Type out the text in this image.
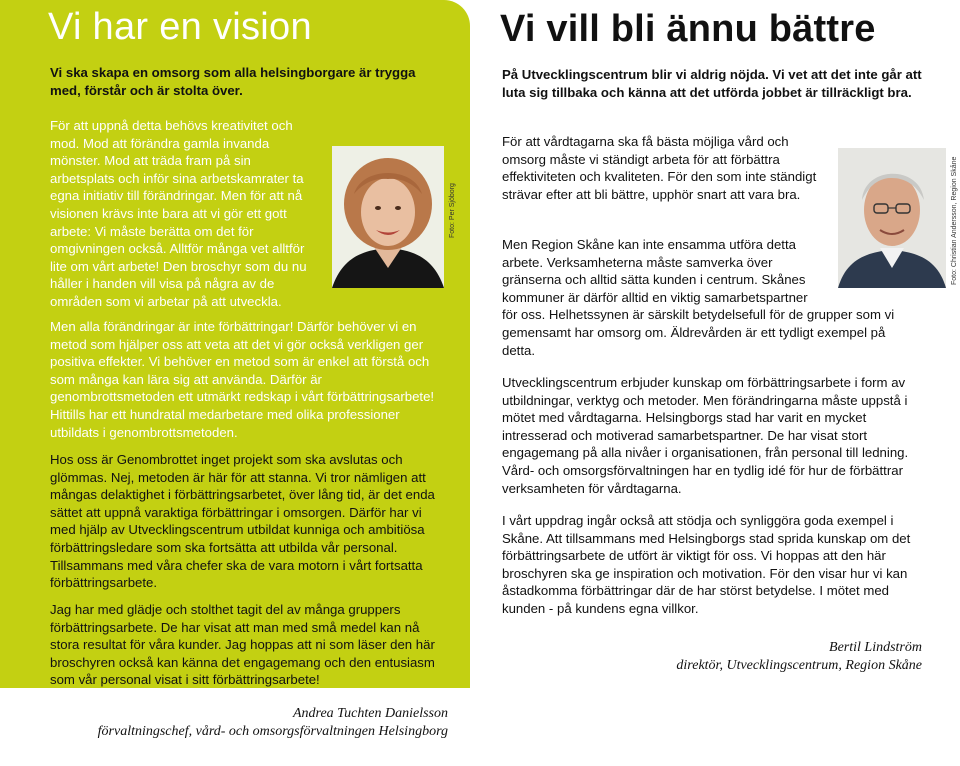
Vi har en vision

Vi ska skapa en omsorg som alla helsingborgare är trygga med, förstår och är stolta över.

För att uppnå detta behövs kreativitet och mod. Mod att förändra gamla invanda mönster. Mod att träda fram på sin arbetsplats och inför sina arbetskamrater ta egna initiativ till förändringar. Men för att nå visionen krävs inte bara att vi gör ett gott arbete: Vi måste berätta om det för omgivningen också. Alltför många vet alltför lite om vårt arbete! Den broschyr som du nu håller i handen vill visa på några av de områden som vi arbetar på att utveckla.

Foto: Per Sjöborg

Men alla förändringar är inte förbättringar! Därför behöver vi en metod som hjälper oss att veta att det vi gör också verkligen ger positiva effekter. Vi behöver en metod som är enkel att förstå och som många kan lära sig att använda. Därför är genombrottsmetoden ett utmärkt redskap i vårt förbättringsarbete! Hittills har ett hundratal medarbetare med olika professioner utbildats i genombrottsmetoden.

Hos oss är Genombrottet inget projekt som ska avslutas och glömmas. Nej, metoden är här för att stanna. Vi tror nämligen att mångas delaktighet i förbättringsarbetet, över lång tid, är det enda sättet att uppnå varaktiga förbättringar i omsorgen. Därför har vi med hjälp av Utvecklingscentrum utbildat kunniga och ambitiösa förbättringsledare som ska fortsätta att utbilda vår personal. Tillsammans med våra chefer ska de vara motorn i vårt fortsatta förbättringsarbete.

Jag har med glädje och stolthet tagit del av många gruppers förbättringsarbete. De har visat att man med små medel kan nå stora resultat för våra kunder. Jag hoppas att ni som läser den här broschyren också kan känna det engagemang och den entusiasm som vår personal visat i sitt förbättringsarbete!

Andrea Tuchten Danielsson
förvaltningschef, vård- och omsorgsförvaltningen Helsingborg
Vi vill bli ännu bättre

På Utvecklingscentrum blir vi aldrig nöjda. Vi vet att det inte går att luta sig tillbaka och känna att det utförda jobbet är tillräckligt bra.

För att vårdtagarna ska få bästa möjliga vård och omsorg måste vi ständigt arbeta för att förbättra effektiviteten och kvaliteten. För den som inte ständigt strävar efter att bli bättre, upphör snart att vara bra.	Foto: Christian Andersson, Region Skåne

Men Region Skåne kan inte ensamma utföra detta arbete. Verksamheterna måste samverka över gränserna och alltid sätta kunden i centrum. Skånes kommuner är därför alltid en viktig samarbetspartner för oss. Helhetssynen är särskilt betydelsefull för de grupper som vi gemensamt har omsorg om. Äldrevården är ett tydligt exempel på detta.

Utvecklingscentrum erbjuder kunskap om förbättringsarbete i form av utbildningar, verktyg och metoder. Men förändringarna måste uppstå i mötet med vårdtagarna. Helsingborgs stad har varit en mycket intresserad och motiverad samarbetspartner. De har visat stort engagemang på alla nivåer i organisationen, från personal till ledning. Vård- och omsorgsförvaltningen har en tydlig idé för hur de förbättrar verksamheten för vårdtagarna.

I vårt uppdrag ingår också att stödja och synliggöra goda exempel i Skåne. Att tillsammans med Helsingborgs stad sprida kunskap om det förbättringsarbete de utfört är viktigt för oss. Vi hoppas att den här broschyren ska ge inspiration och motivation. För den visar hur vi kan åstadkomma förbättringar där de har störst betydelse. I mötet med kunden - på kundens egna villkor.

Bertil Lindström
direktör, Utvecklingscentrum, Region Skåne
